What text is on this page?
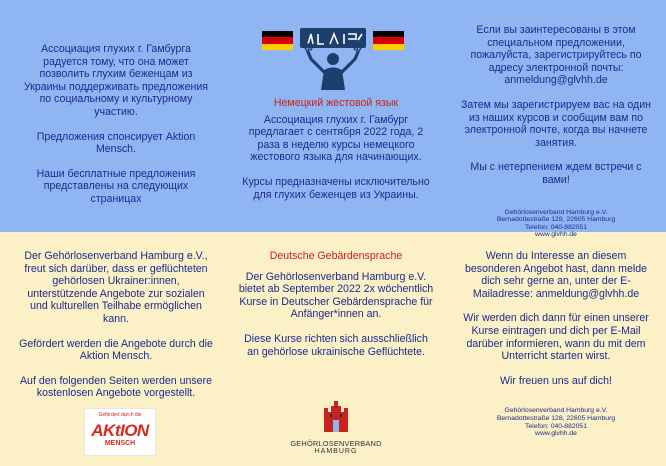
Ассоциация глухих г. Гамбурга радуется тому, что она может позволить глухим беженцам из Украины поддерживать предложения по социальному и культурному участию.

Предложения спонсирует Aktion Mensch.

Наши бесплатные предложения представлены на следующих страницах

Немецкий жестовой язык

Ассоциация глухих г. Гамбург предлагает с сентября 2022 года, 2 раза в неделю курсы немецкого жестового языка для начинающих.

Курсы предназначены исключительно для глухих беженцев из Украины.

Если вы заинтересованы в этом специальном предложении, пожалуйста, зарегистрируйтесь по адресу электронной почты: anmeldung@glvhh.de

Затем мы зарегистрируем вас на один из наших курсов и сообщим вам по электронной почте, когда вы начнете занятия.

Мы с нетерпением ждем встречи с вами!

Gehörlosenverband Hamburg e.V.

Bernadottestraße 128, 22605 Hamburg

Telefon: 040-882051

www.glvhh.de

Der Gehörlosenverband Hamburg e.V., freut sich darüber, dass er geflüchteten gehörlosen Ukrainer:innen, unterstützende Angebote zur sozialen und kulturellen Teilhabe ermöglichen kann.

Gefördert werden die Angebote durch die Aktion Mensch.

Auf den folgenden Seiten werden unsere kostenlosen Angebote vorgestellt.

Deutsche Gebärdensprache

Der Gehörlosenverband Hamburg e.V. bietet ab September 2022 2x wöchentlich Kurse in Deutscher Gebärdensprache für Anfänger*innen an.

Diese Kurse richten sich ausschließlich an gehörlose ukrainische Geflüchtete.

Wenn du Interesse an diesem besonderen Angebot hast, dann melde dich sehr gerne an, unter der E-Mailadresse: anmeldung@glvhh.de

Wir werden dich dann für einen unserer Kurse eintragen und dich per E-Mail darüber informieren, wann du mit dem Unterricht starten wirst.

Wir freuen uns auf dich!

Gehörlosenverband Hamburg e.V.

Bernadottestraße 128, 22605 Hamburg

Telefon: 040-882051

www.glvhh.de

Gefördert durch die
AKtION
MENSCH	GEHÖRLOSENVERBAND
HAMBURG
